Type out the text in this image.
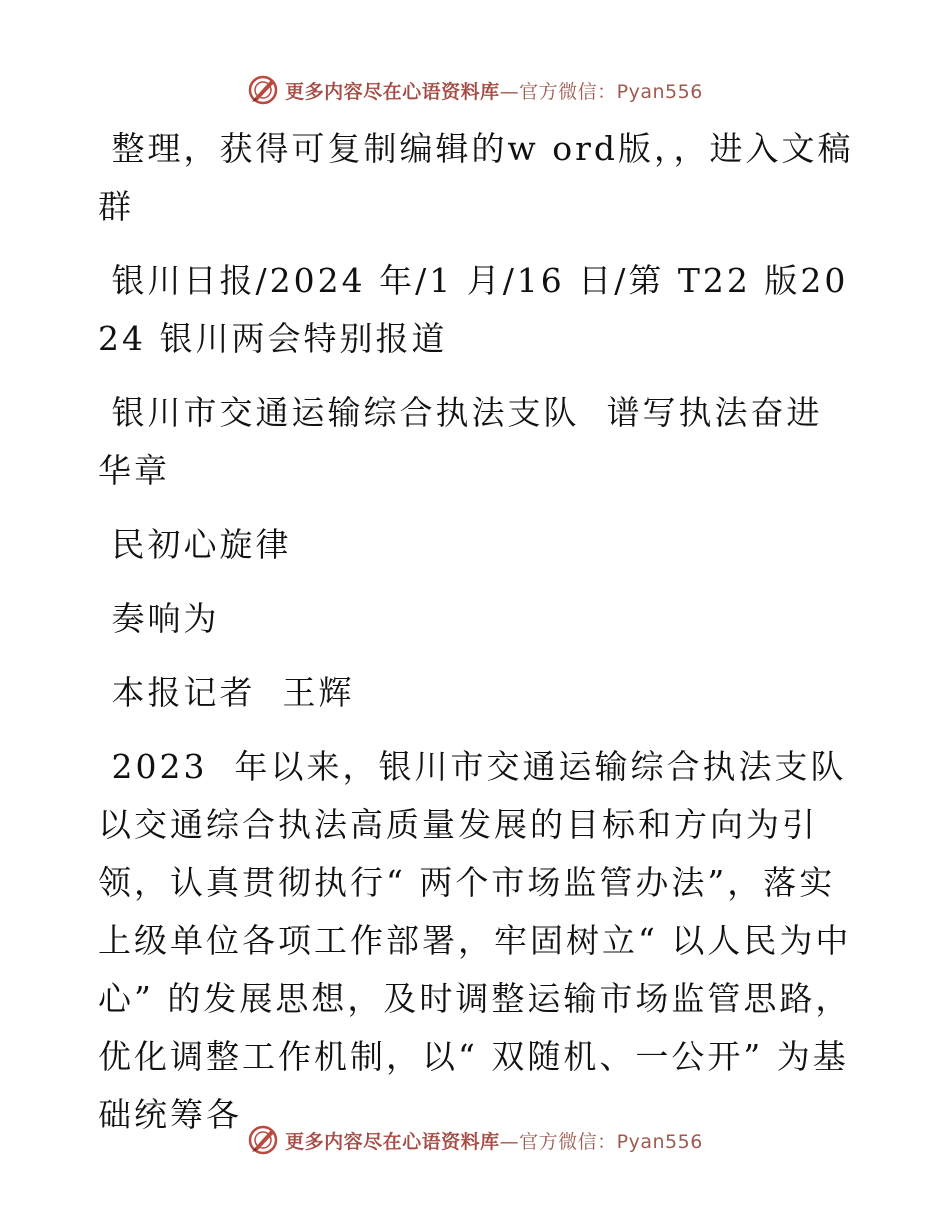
更多内容尽在心语资料库 —官方微信：Pyan556

整理，获得可复制编辑的w ord版，，进入文稿群

银川日报/2024 年/1 月/16 日/第 T22 版2024 银川两会特别报道

银川市交通运输综合执法支队  谱写执法奋进华章

民初心旋律

奏响为

本报记者  王辉

2023  年以来，银川市交通运输综合执法支队以交通综合执法高质量发展的目标和方向为引领，认真贯彻执行“ 两个市场监管办法”，落实上级单位各项工作部署，牢固树立“ 以人民为中心” 的发展思想，及时调整运输市场监管思路，优化调整工作机制，以“ 双随机、一公开” 为基础统筹各

更多内容尽在心语资料库 —官方微信：Pyan556
